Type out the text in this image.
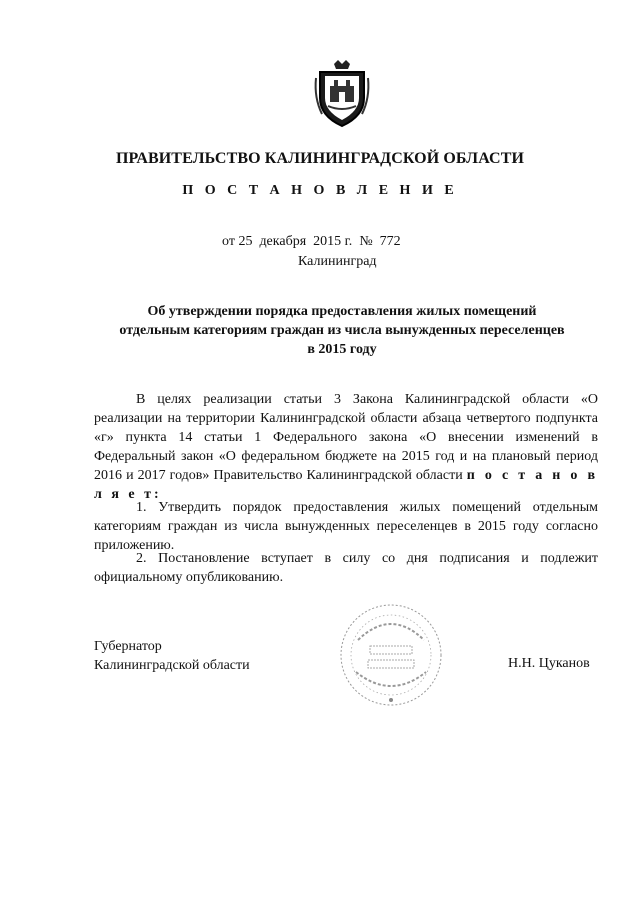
ПРАВИТЕЛЬСТВО КАЛИНИНГРАДСКОЙ ОБЛАСТИ
П О С Т А Н О В Л Е Н И Е
от 25  декабря  2015 г. № 772
Калининград
Об утверждении порядка предоставления жилых помещений
отдельным категориям граждан из числа вынужденных переселенцев
в 2015 году
В целях реализации статьи 3 Закона Калининградской области «О реализации на территории Калининградской области абзаца четвертого подпункта «г» пункта 14 статьи 1 Федерального закона «О внесении изменений в Федеральный закон «О федеральном бюджете на 2015 год и на плановый период 2016 и 2017 годов» Правительство Калининградской области п о с т а н о в л я е т:
1. Утвердить порядок предоставления жилых помещений отдельным категориям граждан из числа вынужденных переселенцев в 2015 году согласно приложению.
2. Постановление вступает в силу со дня подписания и подлежит официальному опубликованию.
Губернатор
Калининградской области	Н.Н. Цуканов
